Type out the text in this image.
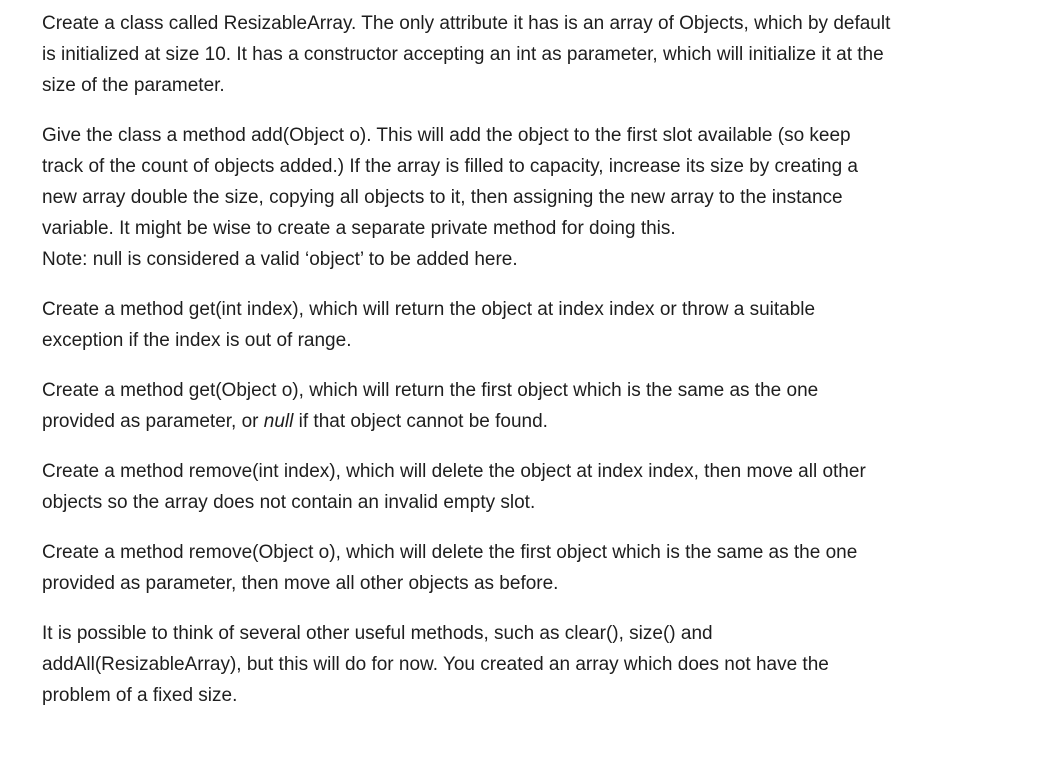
Create a class called ResizableArray. The only attribute it has is an array of Objects, which by default
is initialized at size 10. It has a constructor accepting an int as parameter, which will initialize it at the
size of the parameter.
Give the class a method add(Object o). This will add the object to the first slot available (so keep
track of the count of objects added.) If the array is filled to capacity, increase its size by creating a
new array double the size, copying all objects to it, then assigning the new array to the instance
variable. It might be wise to create a separate private method for doing this.
Note: null is considered a valid ‘object’ to be added here.
Create a method get(int index), which will return the object at index index or throw a suitable
exception if the index is out of range.
Create a method get(Object o), which will return the first object which is the same as the one
provided as parameter, or null if that object cannot be found.
Create a method remove(int index), which will delete the object at index index, then move all other
objects so the array does not contain an invalid empty slot.
Create a method remove(Object o), which will delete the first object which is the same as the one
provided as parameter, then move all other objects as before.
It is possible to think of several other useful methods, such as clear(), size() and
addAll(ResizableArray), but this will do for now. You created an array which does not have the
problem of a fixed size.
